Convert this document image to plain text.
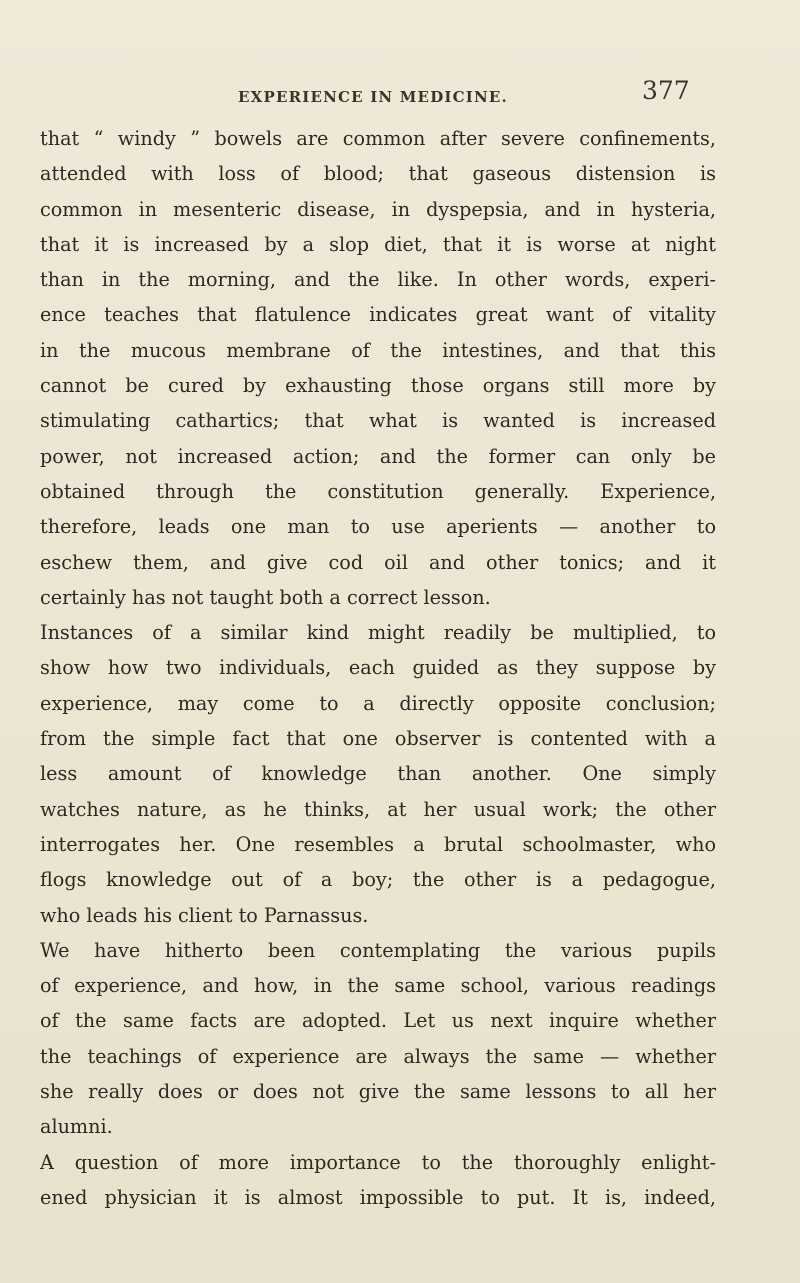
EXPERIENCE IN MEDICINE.	377
that “ windy ” bowels are common after severe confinements,
attended with loss of blood; that gaseous distension is
common in mesenteric disease, in dyspepsia, and in hysteria,
that it is increased by a slop diet, that it is worse at night
than in the morning, and the like. In other words, experi-
ence teaches that flatulence indicates great want of vitality
in the mucous membrane of the intestines, and that this
cannot be cured by exhausting those organs still more by
stimulating cathartics; that what is wanted is increased
power, not increased action; and the former can only be
obtained through the constitution generally. Experience,
therefore, leads one man to use aperients — another to
eschew them, and give cod oil and other tonics; and it
certainly has not taught both a correct lesson.
Instances of a similar kind might readily be multiplied, to
show how two individuals, each guided as they suppose by
experience, may come to a directly opposite conclusion;
from the simple fact that one observer is contented with a
less amount of knowledge than another. One simply
watches nature, as he thinks, at her usual work; the other
interrogates her. One resembles a brutal schoolmaster, who
flogs knowledge out of a boy; the other is a pedagogue,
who leads his client to Parnassus.
We have hitherto been contemplating the various pupils
of experience, and how, in the same school, various readings
of the same facts are adopted. Let us next inquire whether
the teachings of experience are always the same — whether
she really does or does not give the same lessons to all her
alumni.
A question of more importance to the thoroughly enlight-
ened physician it is almost impossible to put. It is, indeed,
